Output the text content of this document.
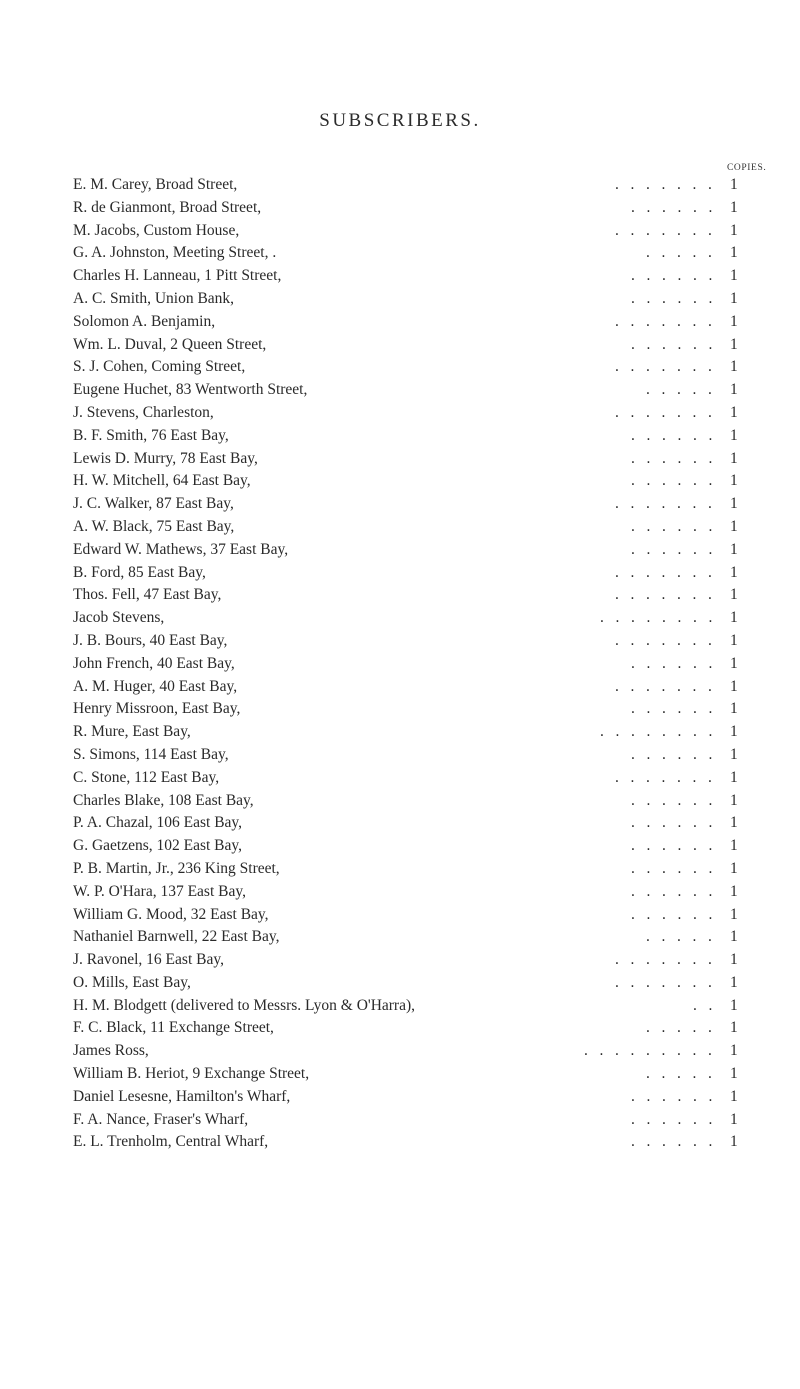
SUBSCRIBERS.
COPIES.
E. M. Carey, Broad Street,	.   .   .   .   .   .   . 1
R. de Gianmont, Broad Street,	.   .   .   .   .   . 1
M. Jacobs, Custom House,	.   .   .   .   .   .   . 1
G. A. Johnston, Meeting Street, .	.   .   .   .   . 1
Charles H. Lanneau, 1 Pitt Street,	.   .   .   .   .   . 1
A. C. Smith, Union Bank,	.   .   .   .   .   . 1
Solomon A. Benjamin,	.   .   .   .   .   .   . 1
Wm. L. Duval, 2 Queen Street,	.   .   .   .   .   . 1
S. J. Cohen, Coming Street,	.   .   .   .   .   .   . 1
Eugene Huchet, 83 Wentworth Street,	.   .   .   .   . 1
J. Stevens, Charleston,	.   .   .   .   .   .   . 1
B. F. Smith, 76 East Bay,	.   .   .   .   .   . 1
Lewis D. Murry, 78 East Bay,	.   .   .   .   .   . 1
H. W. Mitchell, 64 East Bay,	.   .   .   .   .   . 1
J. C. Walker, 87 East Bay,	.   .   .   .   .   .   . 1
A. W. Black, 75 East Bay,	.   .   .   .   .   . 1
Edward W. Mathews, 37 East Bay,	.   .   .   .   .   . 1
B. Ford, 85 East Bay,	.   .   .   .   .   .   . 1
Thos. Fell, 47 East Bay,	.   .   .   .   .   .   . 1
Jacob Stevens,	.   .   .   .   .   .   .   . 1
J. B. Bours, 40 East Bay,	.   .   .   .   .   .   . 1
John French, 40 East Bay,	.   .   .   .   .   . 1
A. M. Huger, 40 East Bay,	.   .   .   .   .   .   . 1
Henry Missroon, East Bay,	.   .   .   .   .   . 1
R. Mure, East Bay,	.   .   .   .   .   .   .   . 1
S. Simons, 114 East Bay,	.   .   .   .   .   . 1
C. Stone, 112 East Bay,	.   .   .   .   .   .   . 1
Charles Blake, 108 East Bay,	.   .   .   .   .   . 1
P. A. Chazal, 106 East Bay,	.   .   .   .   .   . 1
G. Gaetzens, 102 East Bay,	.   .   .   .   .   . 1
P. B. Martin, Jr., 236 King Street,	.   .   .   .   .   . 1
W. P. O'Hara, 137 East Bay,	.   .   .   .   .   . 1
William G. Mood, 32 East Bay,	.   .   .   .   .   . 1
Nathaniel Barnwell, 22 East Bay,	.   .   .   .   . 1
J. Ravonel, 16 East Bay,	.   .   .   .   .   .   . 1
O. Mills, East Bay,	.   .   .   .   .   .   . 1
H. M. Blodgett (delivered to Messrs. Lyon & O'Harra),	.   . 1
F. C. Black, 11 Exchange Street,	.   .   .   .   . 1
James Ross,	.   .   .   .   .   .   .   .   . 1
William B. Heriot, 9 Exchange Street,	.   .   .   .   . 1
Daniel Lesesne, Hamilton's Wharf,	.   .   .   .   .   . 1
F. A. Nance, Fraser's Wharf,	.   .   .   .   .   . 1
E. L. Trenholm, Central Wharf,	.   .   .   .   .   . 1
